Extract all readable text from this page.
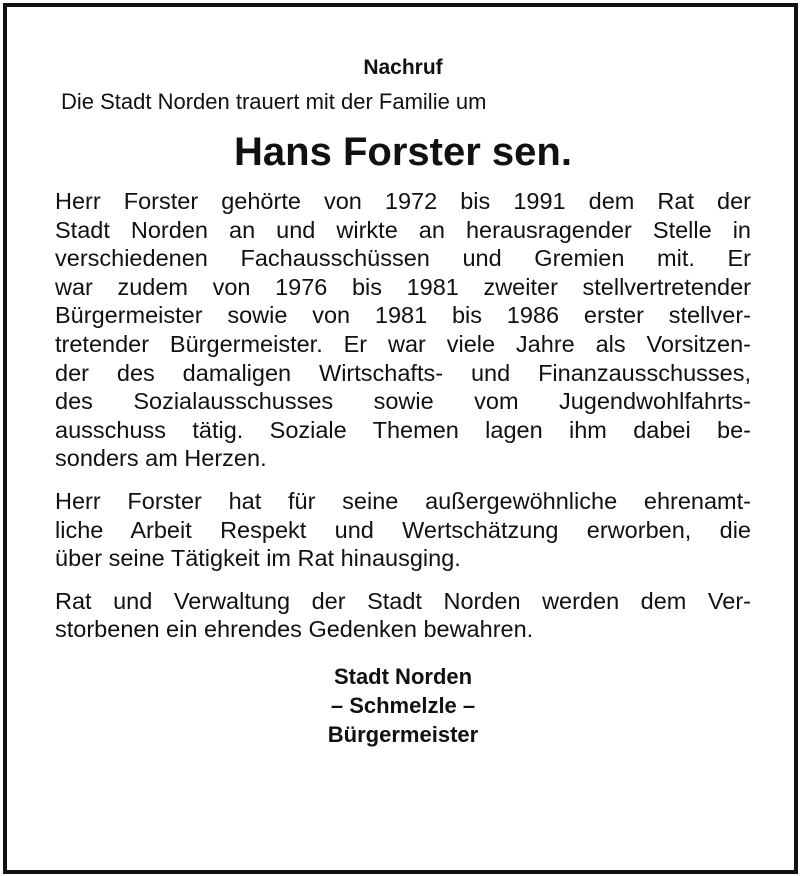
Nachruf

Die Stadt Norden trauert mit der Familie um

Hans Forster sen.

Herr Forster gehörte von 1972 bis 1991 dem Rat der
Stadt Norden an und wirkte an herausragender Stelle in
verschiedenen Fachausschüssen und Gremien mit. Er
war zudem von 1976 bis 1981 zweiter stellvertretender
Bürgermeister sowie von 1981 bis 1986 erster stellver-
tretender Bürgermeister. Er war viele Jahre als Vorsitzen-
der des damaligen Wirtschafts- und Finanzausschusses,
des Sozialausschusses sowie vom Jugendwohlfahrts-
ausschuss tätig. Soziale Themen lagen ihm dabei be-
sonders am Herzen.
Herr Forster hat für seine außergewöhnliche ehrenamt-
liche Arbeit Respekt und Wertschätzung erworben, die
über seine Tätigkeit im Rat hinausging.
Rat und Verwaltung der Stadt Norden werden dem Ver-
storbenen ein ehrendes Gedenken bewahren.
Stadt Norden
– Schmelzle –
Bürgermeister
